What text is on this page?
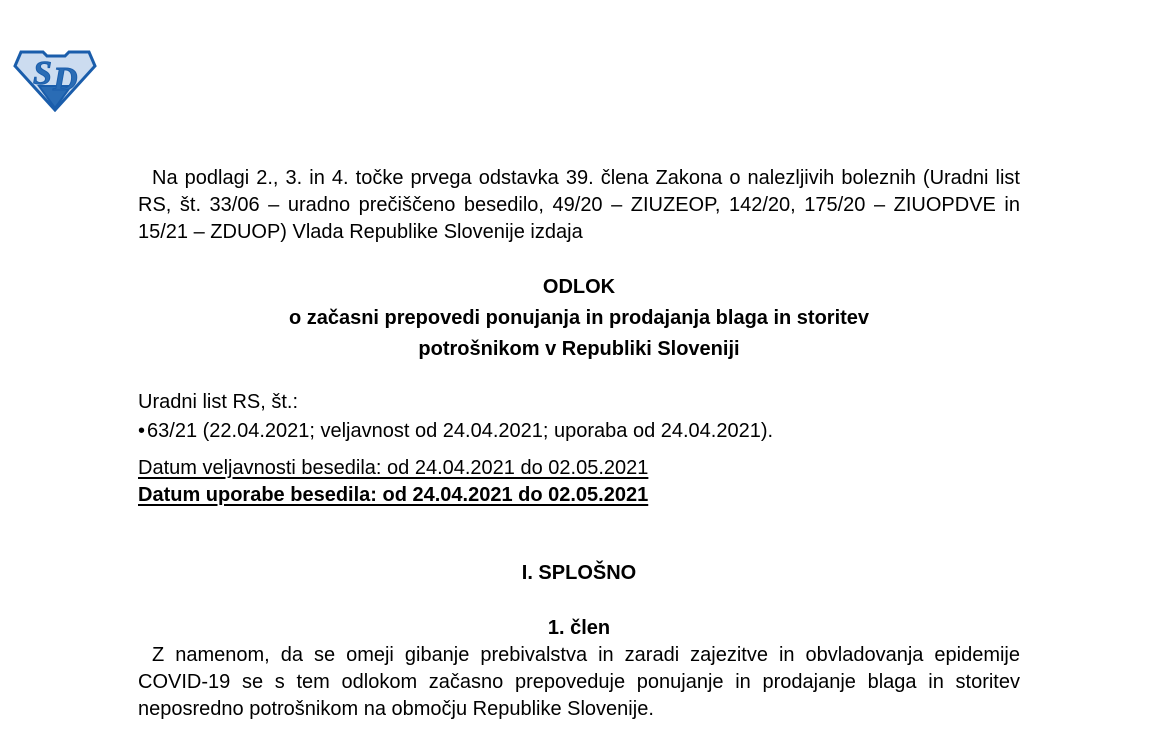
S D

Na podlagi 2., 3. in 4. točke prvega odstavka 39. člena Zakona o nalezljivih boleznih (Uradni list RS, št. 33/06 – uradno prečiščeno besedilo, 49/20 – ZIUZEOP, 142/20, 175/20 – ZIUOPDVE in 15/21 – ZDUOP) Vlada Republike Slovenije izdaja

ODLOK
o začasni prepovedi ponujanja in prodajanja blaga in storitev
potrošnikom v Republiki Sloveniji
Uradni list RS, št.:
• 63/21 (22.04.2021; veljavnost od 24.04.2021; uporaba od 24.04.2021).
Datum veljavnosti besedila: od 24.04.2021 do 02.05.2021
Datum uporabe besedila: od 24.04.2021 do 02.05.2021
I. SPLOŠNO
1. člen

Z namenom, da se omeji gibanje prebivalstva in zaradi zajezitve in obvladovanja epidemije COVID-19 se s tem odlokom začasno prepoveduje ponujanje in prodajanje blaga in storitev neposredno potrošnikom na območju Republike Slovenije.
